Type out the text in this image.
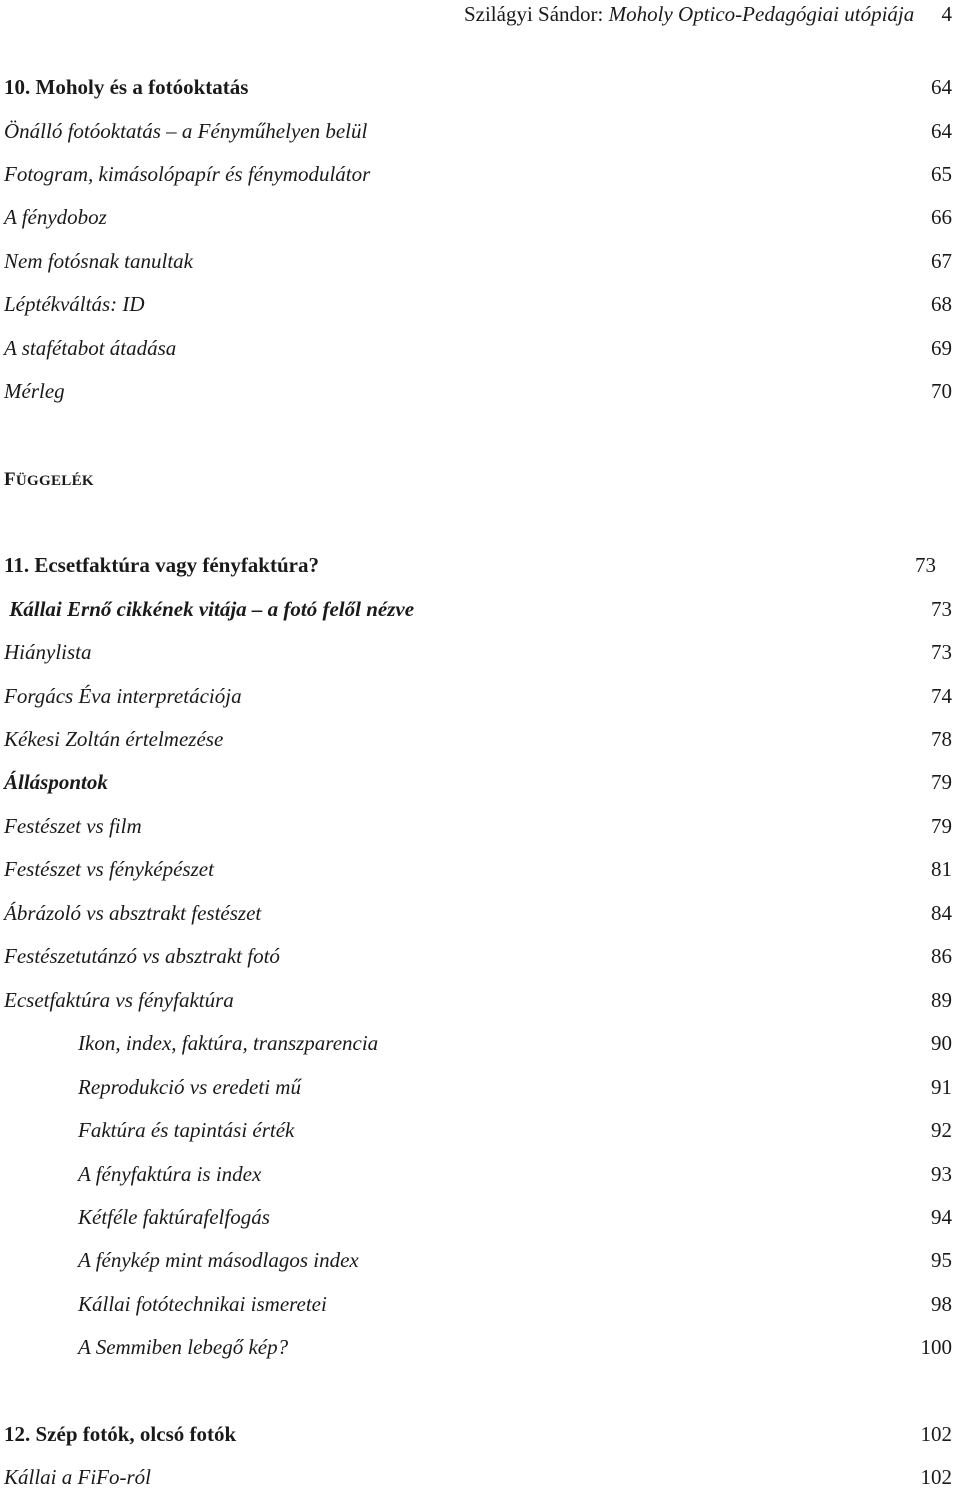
Szilágyi Sándor: Moholy Optico-Pedagógiai utópiája 4
10. Moholy és a fotóoktatás	64
Önálló fotóoktatás – a Fényműhelyen belül	64
Fotogram, kimásolópapír és fénymodulátor	65
A fénydoboz	66
Nem fotósnak tanultak	67
Léptékváltás: ID	68
A stafétabot átadása	69
Mérleg	70
FÜGGELÉK
11. Ecsetfaktúra vagy fényfaktúra?	73
Kállai Ernő cikkének vitája – a fotó felől nézve	73
Hiánylista	73
Forgács Éva interpretációja	74
Kékesi Zoltán értelmezése	78
Álláspontok	79
Festészet vs film	79
Festészet vs fényképészet	81
Ábrázoló vs absztrakt festészet	84
Festészetutánzó vs absztrakt fotó	86
Ecsetfaktúra vs fényfaktúra	89
Ikon, index, faktúra, transzparencia	90
Reprodukció vs eredeti mű	91
Faktúra és tapintási érték	92
A fényfaktúra is index	93
Kétféle faktúrafelfogás	94
A fénykép mint másodlagos index	95
Kállai fotótechnikai ismeretei	98
A Semmiben lebegő kép?	100
12. Szép fotók, olcsó fotók	102
Kállai a FiFo-ról	102
